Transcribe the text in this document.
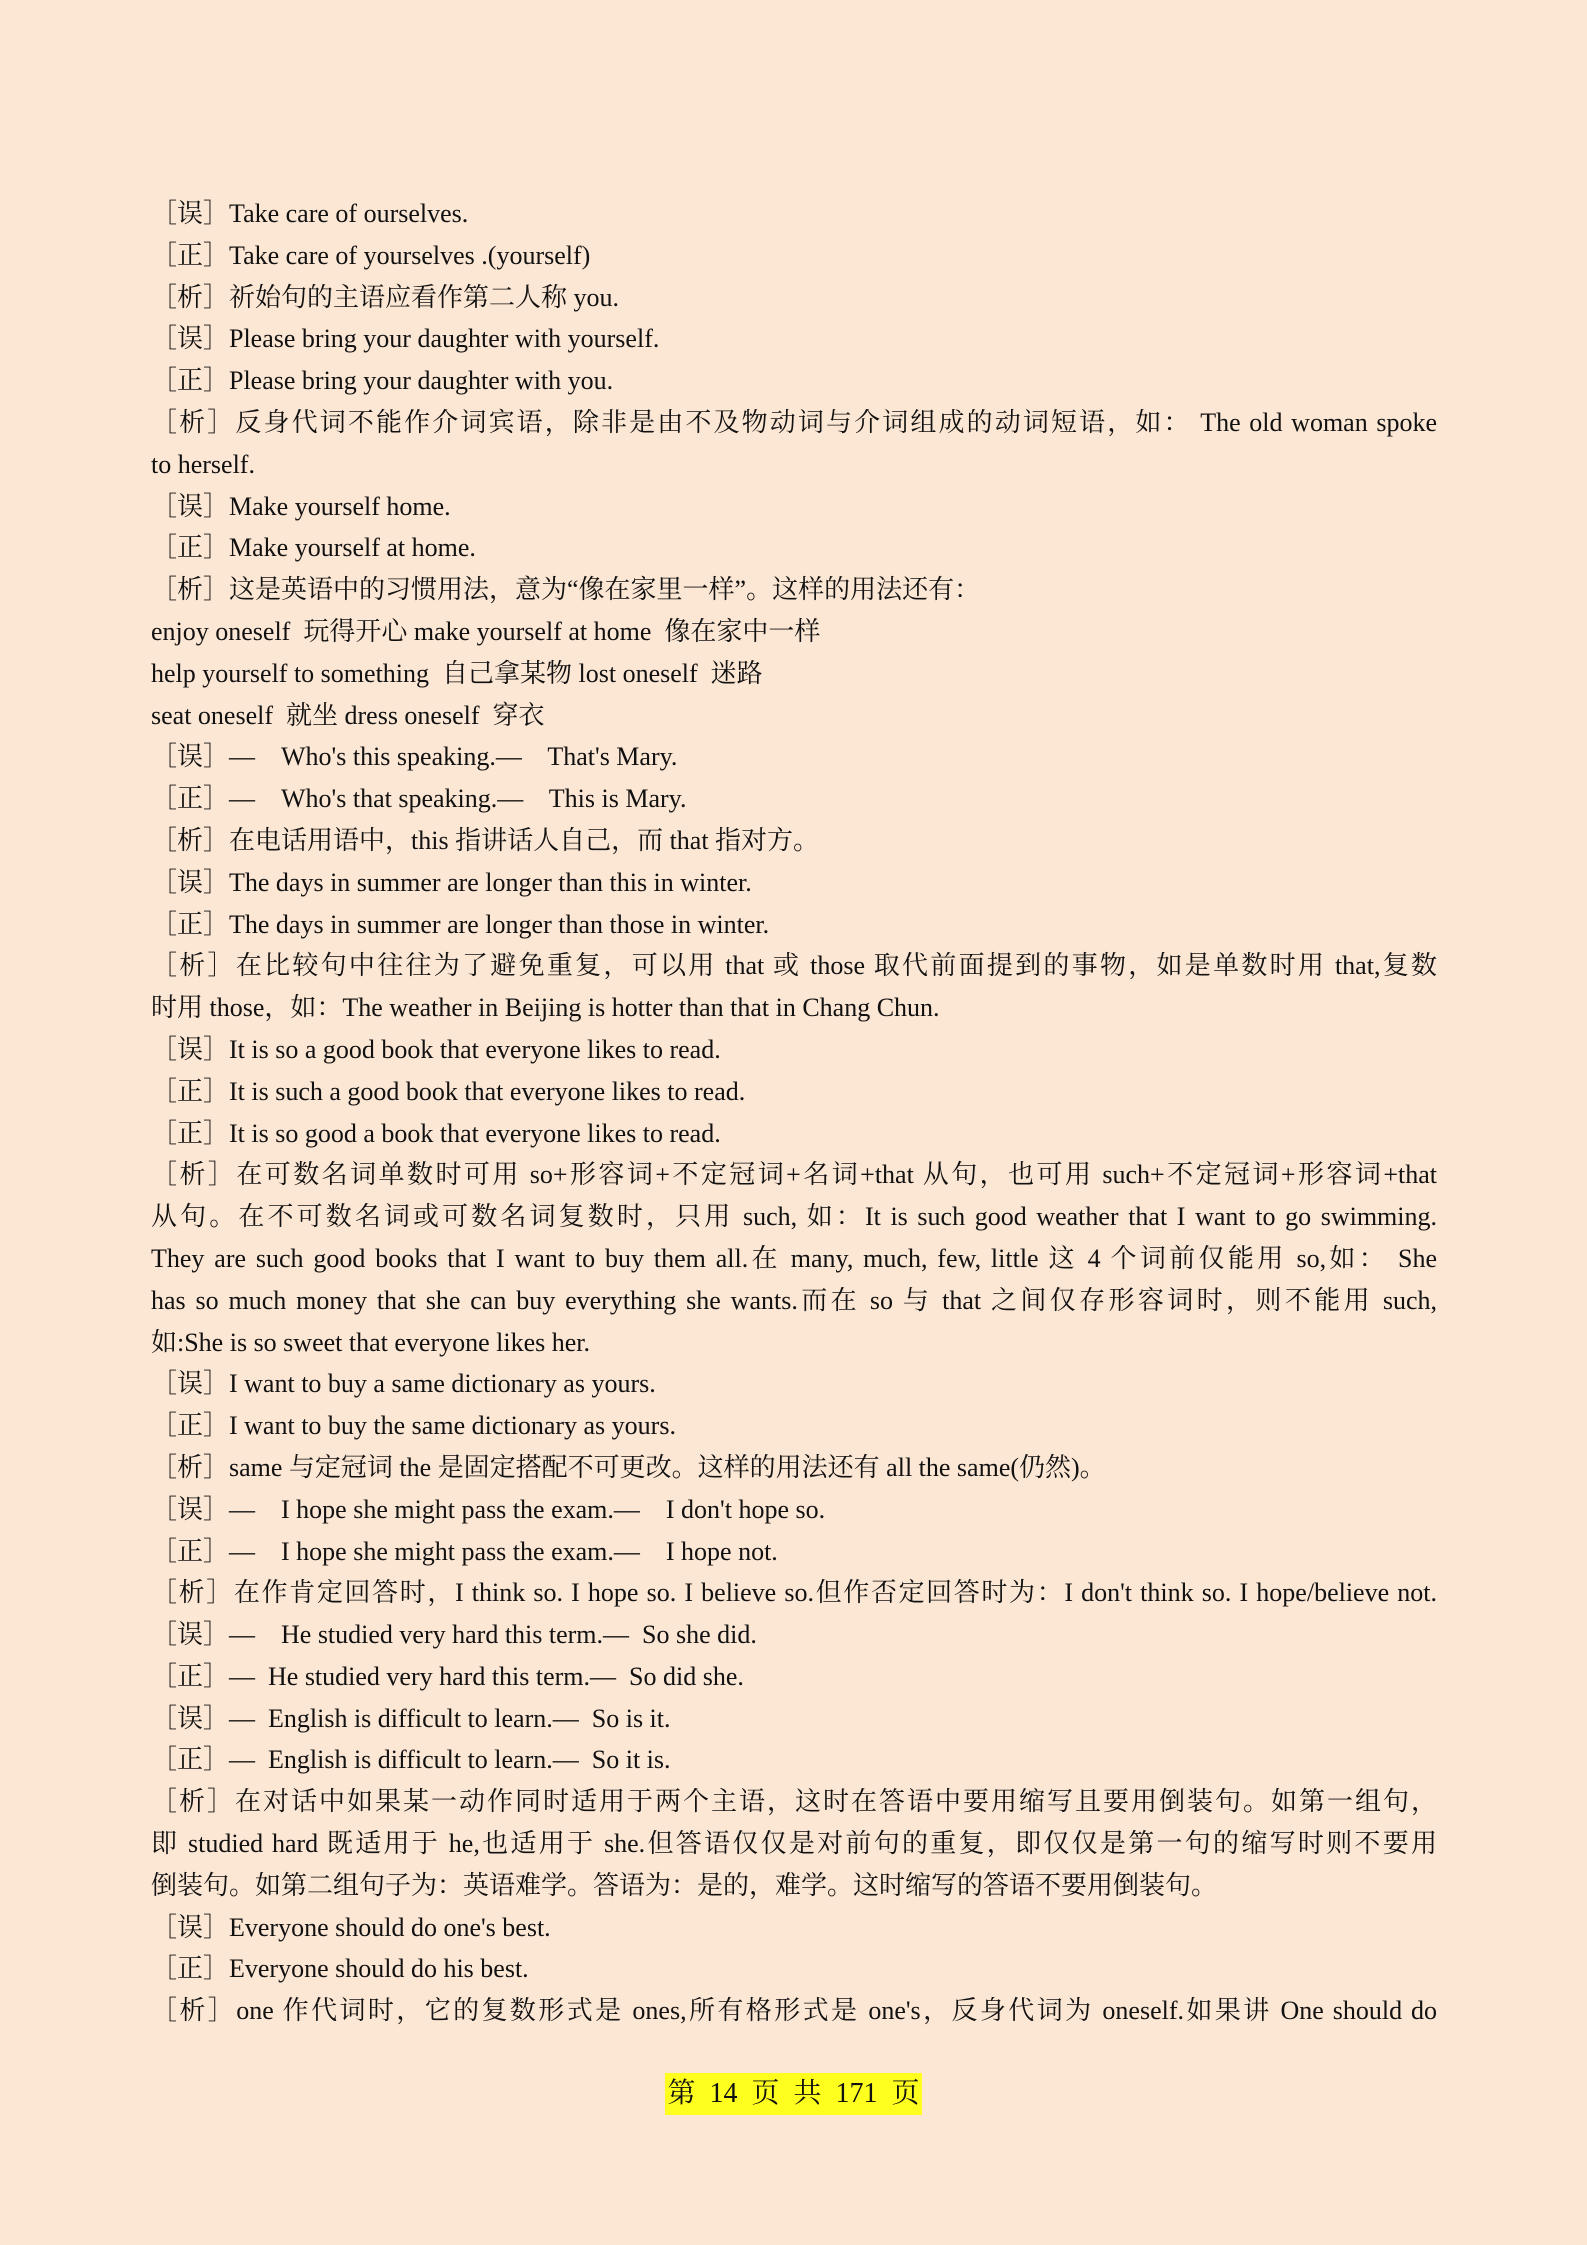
［误］Take care of ourselves.
［正］Take care of yourselves .(yourself)
［析］祈始句的主语应看作第二人称 you.
［误］Please bring your daughter with yourself.
［正］Please bring your daughter with you.
［析］反身代词不能作介词宾语，除非是由不及物动词与介词组成的动词短语，如： The old woman spoke
to herself.
［误］Make yourself home.
［正］Make yourself at home.
［析］这是英语中的习惯用法，意为“像在家里一样”。这样的用法还有：
enjoy oneself  玩得开心 make yourself at home  像在家中一样
help yourself to something  自己拿某物 lost oneself  迷路
seat oneself  就坐 dress oneself  穿衣
［误］—    Who's this speaking.—    That's Mary.
［正］—    Who's that speaking.—    This is Mary.
［析］在电话用语中，this 指讲话人自己，而 that 指对方。
［误］The days in summer are longer than this in winter.
［正］The days in summer are longer than those in winter.
［析］在比较句中往往为了避免重复，可以用 that 或 those 取代前面提到的事物，如是单数时用 that,复数
时用 those，如：The weather in Beijing is hotter than that in Chang Chun.
［误］It is so a good book that everyone likes to read.
［正］It is such a good book that everyone likes to read.
［正］It is so good a book that everyone likes to read.
［析］在可数名词单数时可用 so+形容词+不定冠词+名词+that 从句，也可用 such+不定冠词+形容词+that
从句。在不可数名词或可数名词复数时，只用 such, 如：It is such good weather that I want to go swimming.
They are such good books that I want to buy them all.在 many, much, few, little 这 4 个词前仅能用 so,如： She
has so much money that she can buy everything she wants.而在 so 与 that 之间仅存形容词时，则不能用 such,
如:She is so sweet that everyone likes her.
［误］I want to buy a same dictionary as yours.
［正］I want to buy the same dictionary as yours.
［析］same 与定冠词 the 是固定搭配不可更改。这样的用法还有 all the same(仍然)。
［误］—    I hope she might pass the exam.—    I don't hope so.
［正］—    I hope she might pass the exam.—    I hope not.
［析］在作肯定回答时，I think so. I hope so. I believe so.但作否定回答时为：I don't think so. I hope/believe not.
［误］—    He studied very hard this term.—  So she did.
［正］—  He studied very hard this term.—  So did she.
［误］—  English is difficult to learn.—  So is it.
［正］—  English is difficult to learn.—  So it is.
［析］在对话中如果某一动作同时适用于两个主语，这时在答语中要用缩写且要用倒装句。如第一组句，
即 studied hard 既适用于 he,也适用于 she.但答语仅仅是对前句的重复，即仅仅是第一句的缩写时则不要用
倒装句。如第二组句子为：英语难学。答语为：是的，难学。这时缩写的答语不要用倒装句。
［误］Everyone should do one's best.
［正］Everyone should do his best.
［析］one 作代词时，它的复数形式是 ones,所有格形式是 one's，反身代词为 oneself.如果讲 One should do
第  14  页  共  171  页
